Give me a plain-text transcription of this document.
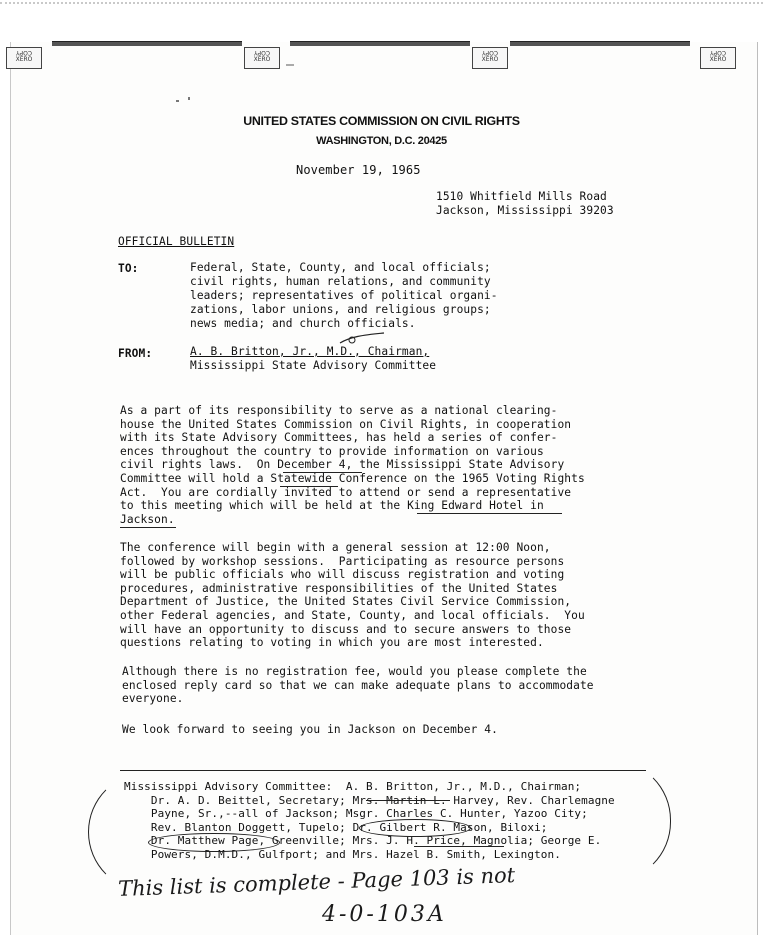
COPY
XERO
COPY
XERO
COPY
XERO
COPY
XERO
UNITED STATES COMMISSION ON CIVIL RIGHTS
WASHINGTON, D.C. 20425
November 19, 1965
1510 Whitfield Mills Road
Jackson, Mississippi 39203
OFFICIAL BULLETIN
TO:	Federal, State, County, and local officials;
civil rights, human relations, and community
leaders; representatives of political organi-
zations, labor unions, and religious groups;
news media; and church officials.
FROM:	A. B. Britton, Jr., M.D., Chairman,
Mississippi State Advisory Committee
As a part of its responsibility to serve as a national clearing-
house the United States Commission on Civil Rights, in cooperation
with its State Advisory Committees, has held a series of confer-
ences throughout the country to provide information on various
civil rights laws.  On December 4, the Mississippi State Advisory
Committee will hold a Statewide Conference on the 1965 Voting Rights
Act.  You are cordially invited to attend or send a representative
to this meeting which will be held at the King Edward Hotel in
Jackson.
The conference will begin with a general session at 12:00 Noon,
followed by workshop sessions.  Participating as resource persons
will be public officials who will discuss registration and voting
procedures, administrative responsibilities of the United States
Department of Justice, the United States Civil Service Commission,
other Federal agencies, and State, County, and local officials.  You
will have an opportunity to discuss and to secure answers to those
questions relating to voting in which you are most interested.
Although there is no registration fee, would you please complete the
enclosed reply card so that we can make adequate plans to accommodate
everyone.
We look forward to seeing you in Jackson on December 4.
Mississippi Advisory Committee:  A. B. Britton, Jr., M.D., Chairman;
Dr. A. D. Beittel, Secretary; Mrs. Martin L. Harvey, Rev. Charlemagne
Payne, Sr.,--all of Jackson; Msgr. Charles C. Hunter, Yazoo City;
Rev. Blanton Doggett, Tupelo; Dr. Gilbert R. Mason, Biloxi;
Dr. Matthew Page, Greenville; Mrs. J. H. Price, Magnolia; George E.
Powers, D.M.D., Gulfport; and Mrs. Hazel B. Smith, Lexington.
This list is complete - Page 103 is not
4-0-103A
